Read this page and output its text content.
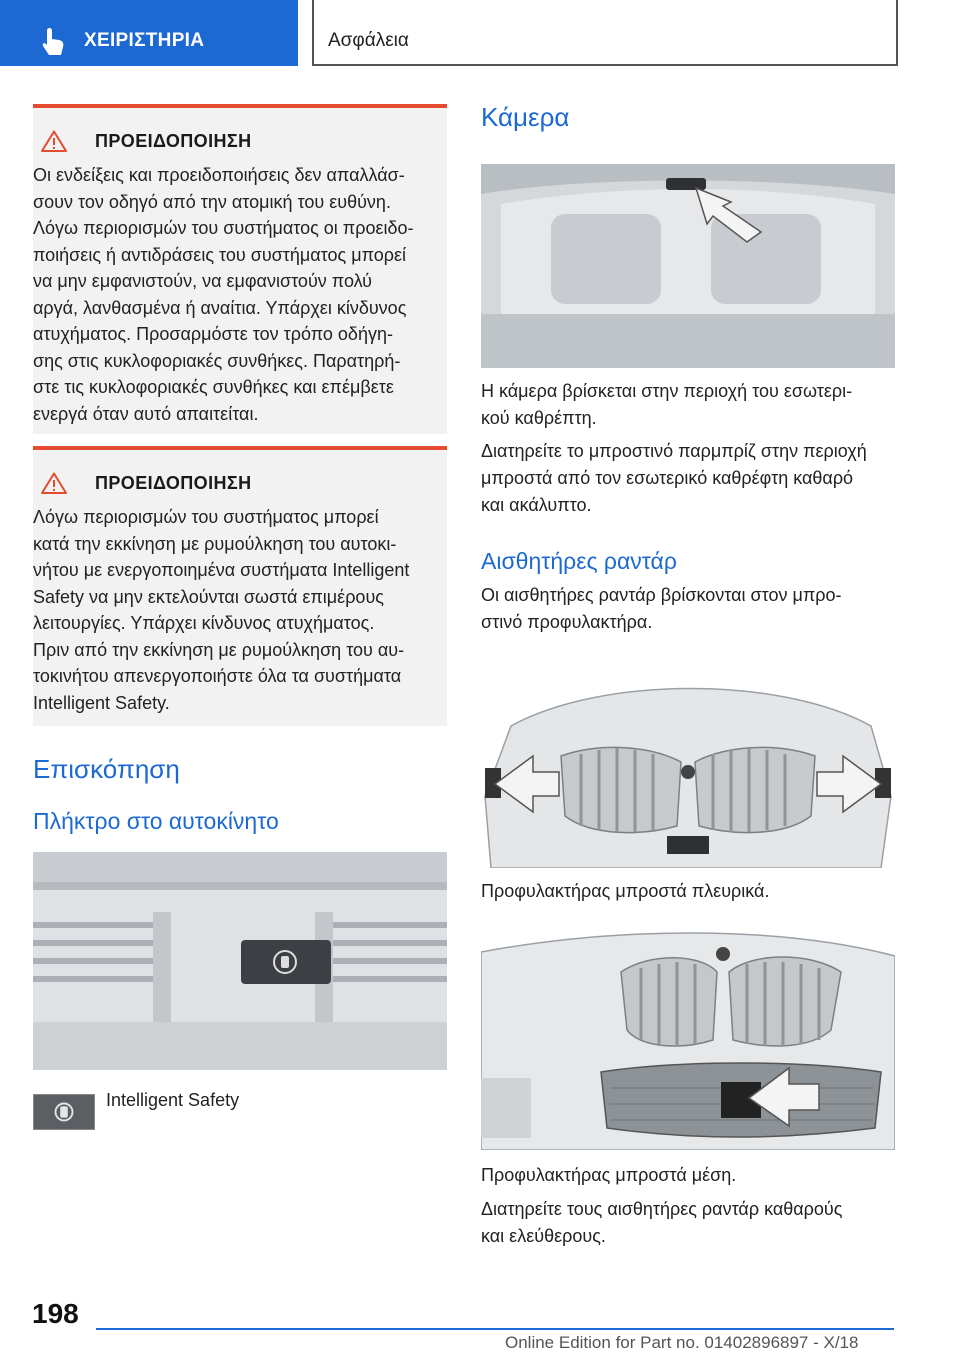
ΧΕΙΡΙΣΤΗΡΙΑ	Ασφάλεια
ΠΡΟΕΙΔΟΠΟΙΗΣΗ
Οι ενδείξεις και προειδοποιήσεις δεν απαλλάσ-
σουν τον οδηγό από την ατομική του ευθύνη.
Λόγω περιορισμών του συστήματος οι προειδο-
ποιήσεις ή αντιδράσεις του συστήματος μπορεί
να μην εμφανιστούν, να εμφανιστούν πολύ
αργά, λανθασμένα ή αναίτια. Υπάρχει κίνδυνος
ατυχήματος. Προσαρμόστε τον τρόπο οδήγη-
σης στις κυκλοφοριακές συνθήκες. Παρατηρή-
στε τις κυκλοφοριακές συνθήκες και επέμβετε
ενεργά όταν αυτό απαιτείται.
ΠΡΟΕΙΔΟΠΟΙΗΣΗ
Λόγω περιορισμών του συστήματος μπορεί
κατά την εκκίνηση με ρυμούλκηση του αυτοκι-
νήτου με ενεργοποιημένα συστήματα Intelligent
Safety να μην εκτελούνται σωστά επιμέρους
λειτουργίες. Υπάρχει κίνδυνος ατυχήματος.
Πριν από την εκκίνηση με ρυμούλκηση του αυ-
τοκινήτου απενεργοποιήστε όλα τα συστήματα
Intelligent Safety.
Επισκόπηση
Πλήκτρο στο αυτοκίνητο
Intelligent Safety
Κάμερα
Η κάμερα βρίσκεται στην περιοχή του εσωτερι-
κού καθρέπτη.
Διατηρείτε το μπροστινό παρμπρίζ στην περιοχή
μπροστά από τον εσωτερικό καθρέφτη καθαρό
και ακάλυπτο.
Αισθητήρες ραντάρ
Οι αισθητήρες ραντάρ βρίσκονται στον μπρο-
στινό προφυλακτήρα.
Προφυλακτήρας μπροστά πλευρικά.
Προφυλακτήρας μπροστά μέση.
Διατηρείτε τους αισθητήρες ραντάρ καθαρούς
και ελεύθερους.
198
Online Edition for Part no. 01402896897 - X/18
